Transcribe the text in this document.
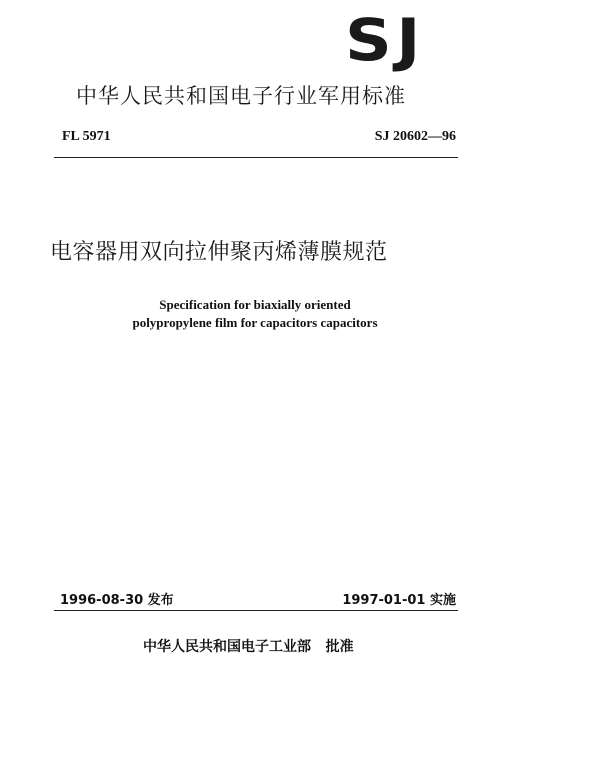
SJ
中华人民共和国电子行业军用标准
FL 5971	SJ 20602—96
电容器用双向拉伸聚丙烯薄膜规范
Specification for biaxially oriented
polypropylene film for capacitors capacitors
1996-08-30 发布	1997-01-01 实施
中华人民共和国电子工业部 批准
